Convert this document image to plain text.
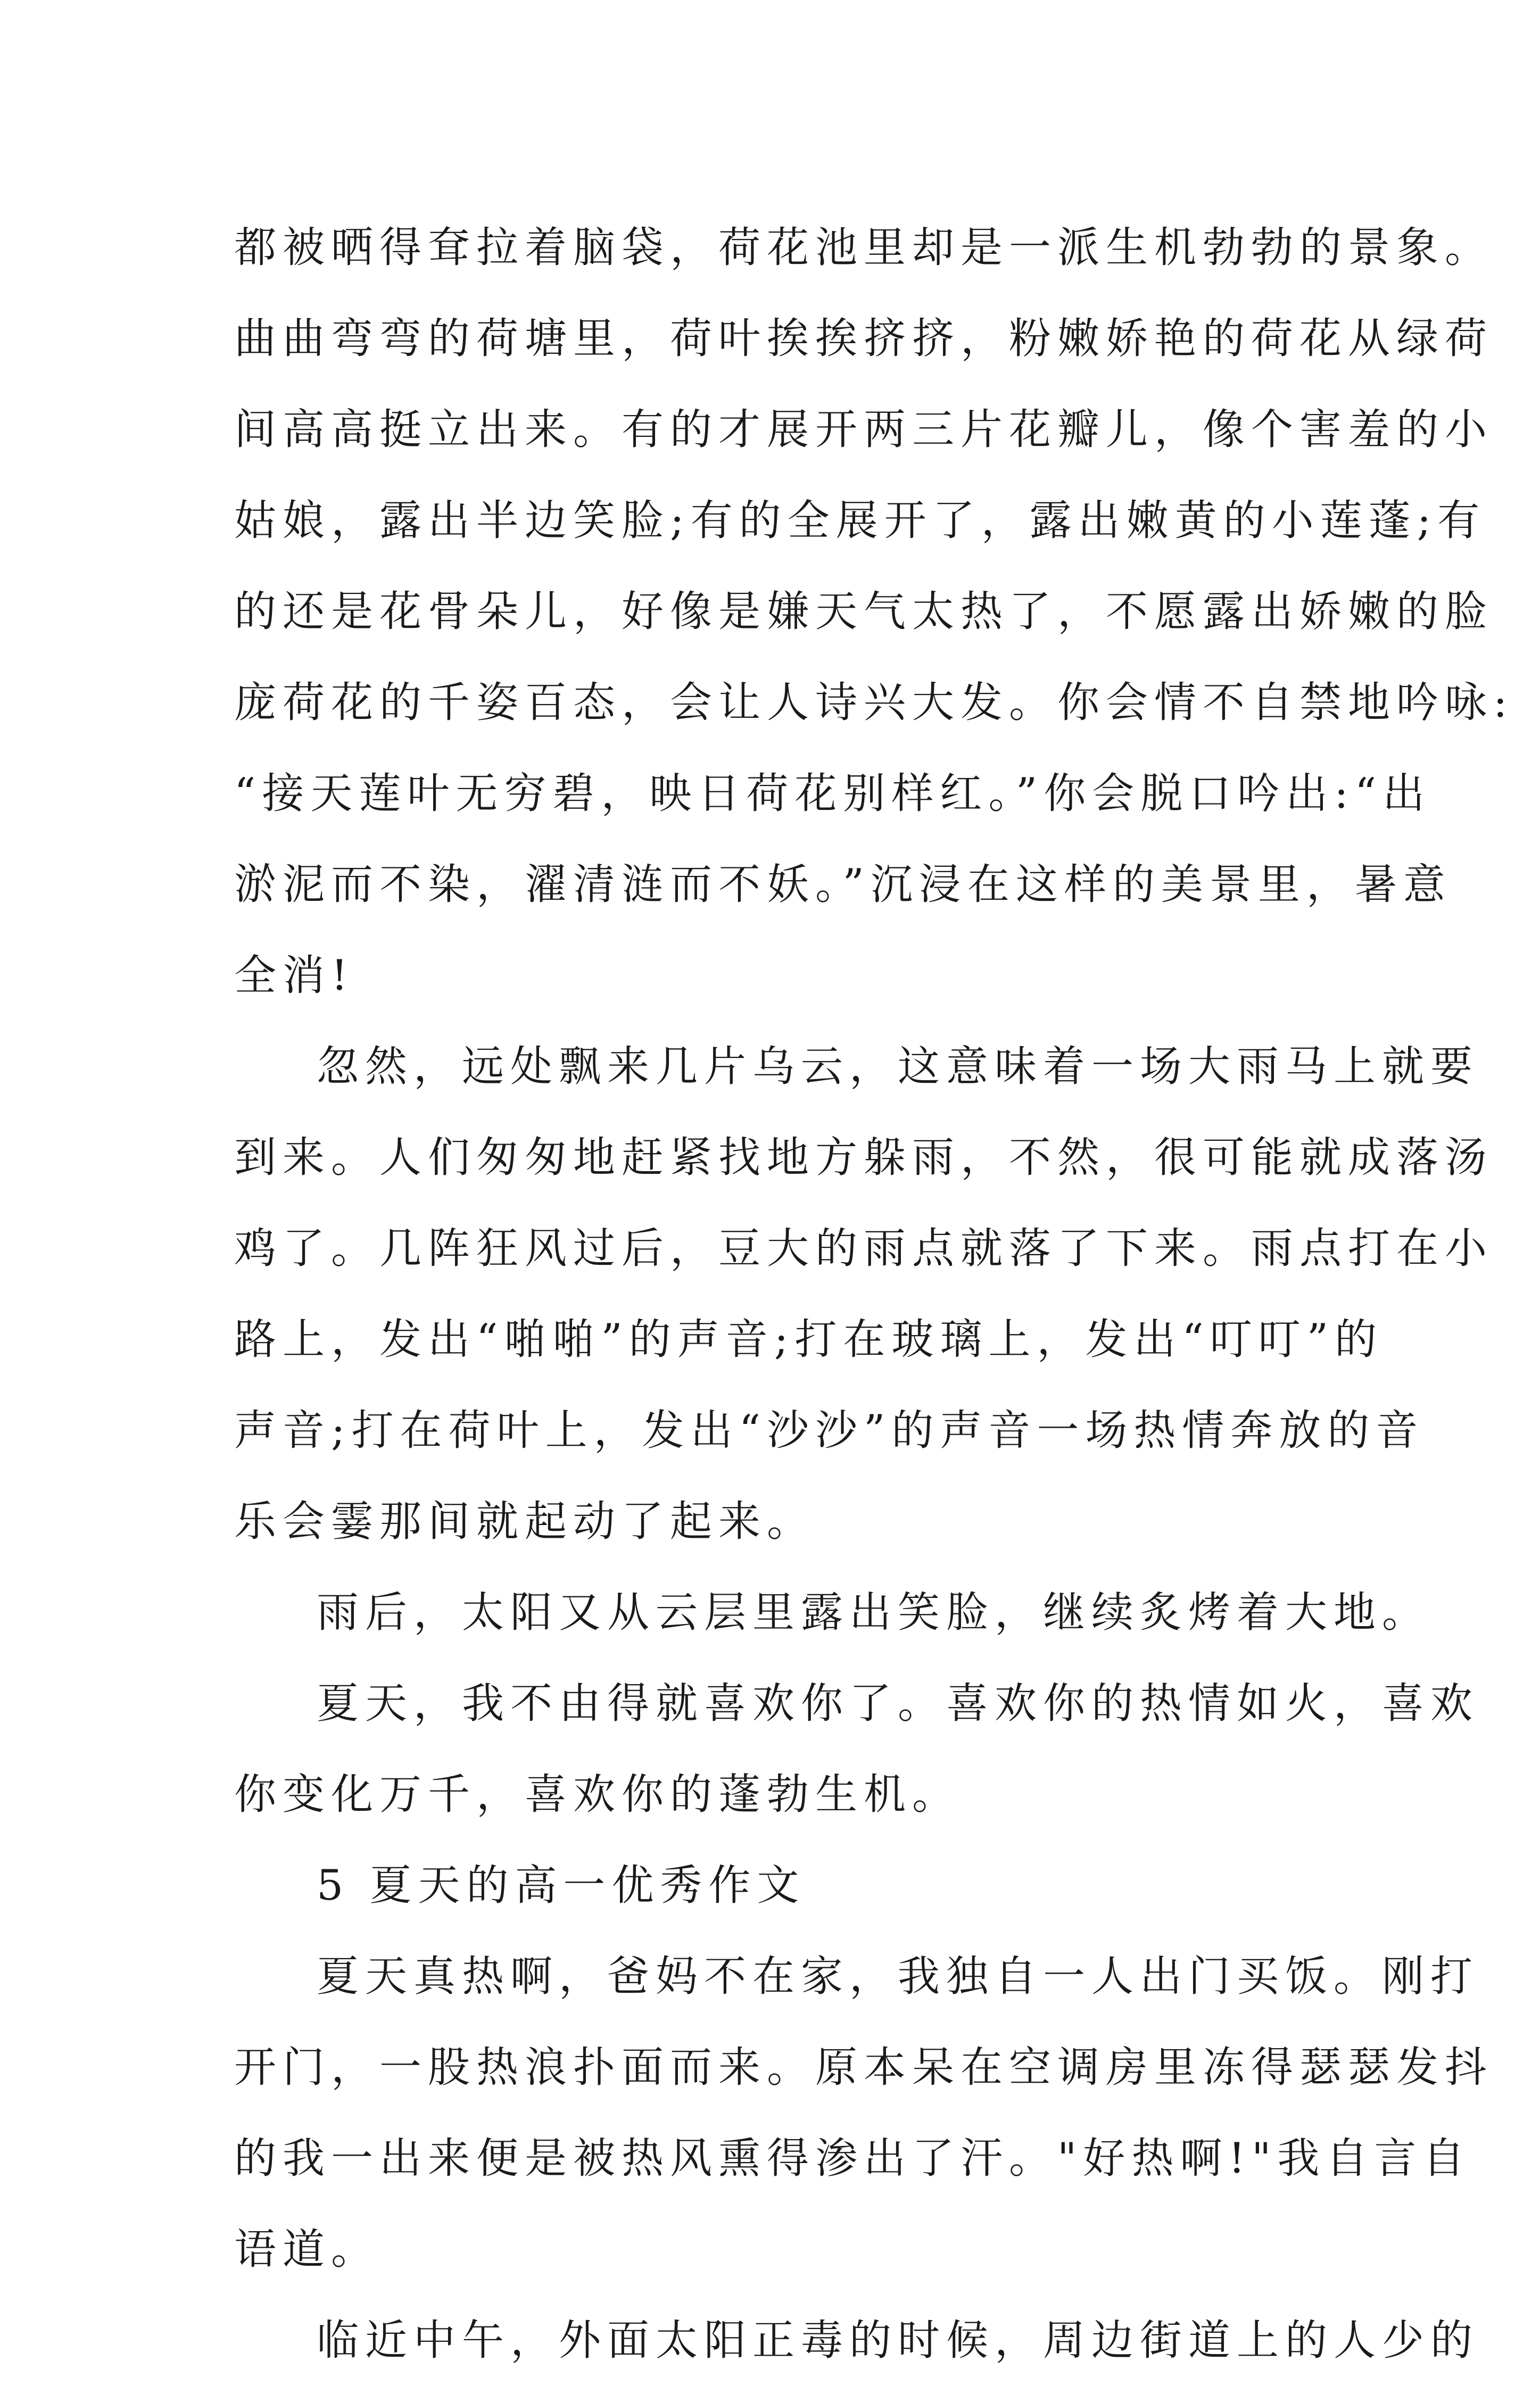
都被晒得耷拉着脑袋，荷花池里却是一派生机勃勃的景象。
曲曲弯弯的荷塘里，荷叶挨挨挤挤，粉嫩娇艳的荷花从绿荷
间高高挺立出来。有的才展开两三片花瓣儿，像个害羞的小
姑娘，露出半边笑脸;有的全展开了，露出嫩黄的小莲蓬;有
的还是花骨朵儿，好像是嫌天气太热了，不愿露出娇嫩的脸
庞荷花的千姿百态，会让人诗兴大发。你会情不自禁地吟咏:
“接天莲叶无穷碧，映日荷花别样红。”你会脱口吟出:“出
淤泥而不染，濯清涟而不妖。”沉浸在这样的美景里，暑意
全消!

忽然，远处飘来几片乌云，这意味着一场大雨马上就要
到来。人们匆匆地赶紧找地方躲雨，不然，很可能就成落汤
鸡了。几阵狂风过后，豆大的雨点就落了下来。雨点打在小
路上，发出“啪啪”的声音;打在玻璃上，发出“叮叮”的
声音;打在荷叶上，发出“沙沙”的声音一场热情奔放的音
乐会霎那间就起动了起来。

雨后，太阳又从云层里露出笑脸，继续炙烤着大地。

夏天，我不由得就喜欢你了。喜欢你的热情如火，喜欢
你变化万千，喜欢你的蓬勃生机。

5 夏天的高一优秀作文

夏天真热啊，爸妈不在家，我独自一人出门买饭。刚打
开门，一股热浪扑面而来。原本呆在空调房里冻得瑟瑟发抖
的我一出来便是被热风熏得渗出了汗。"好热啊!"我自言自
语道。

临近中午，外面太阳正毒的时候，周边街道上的人少的
